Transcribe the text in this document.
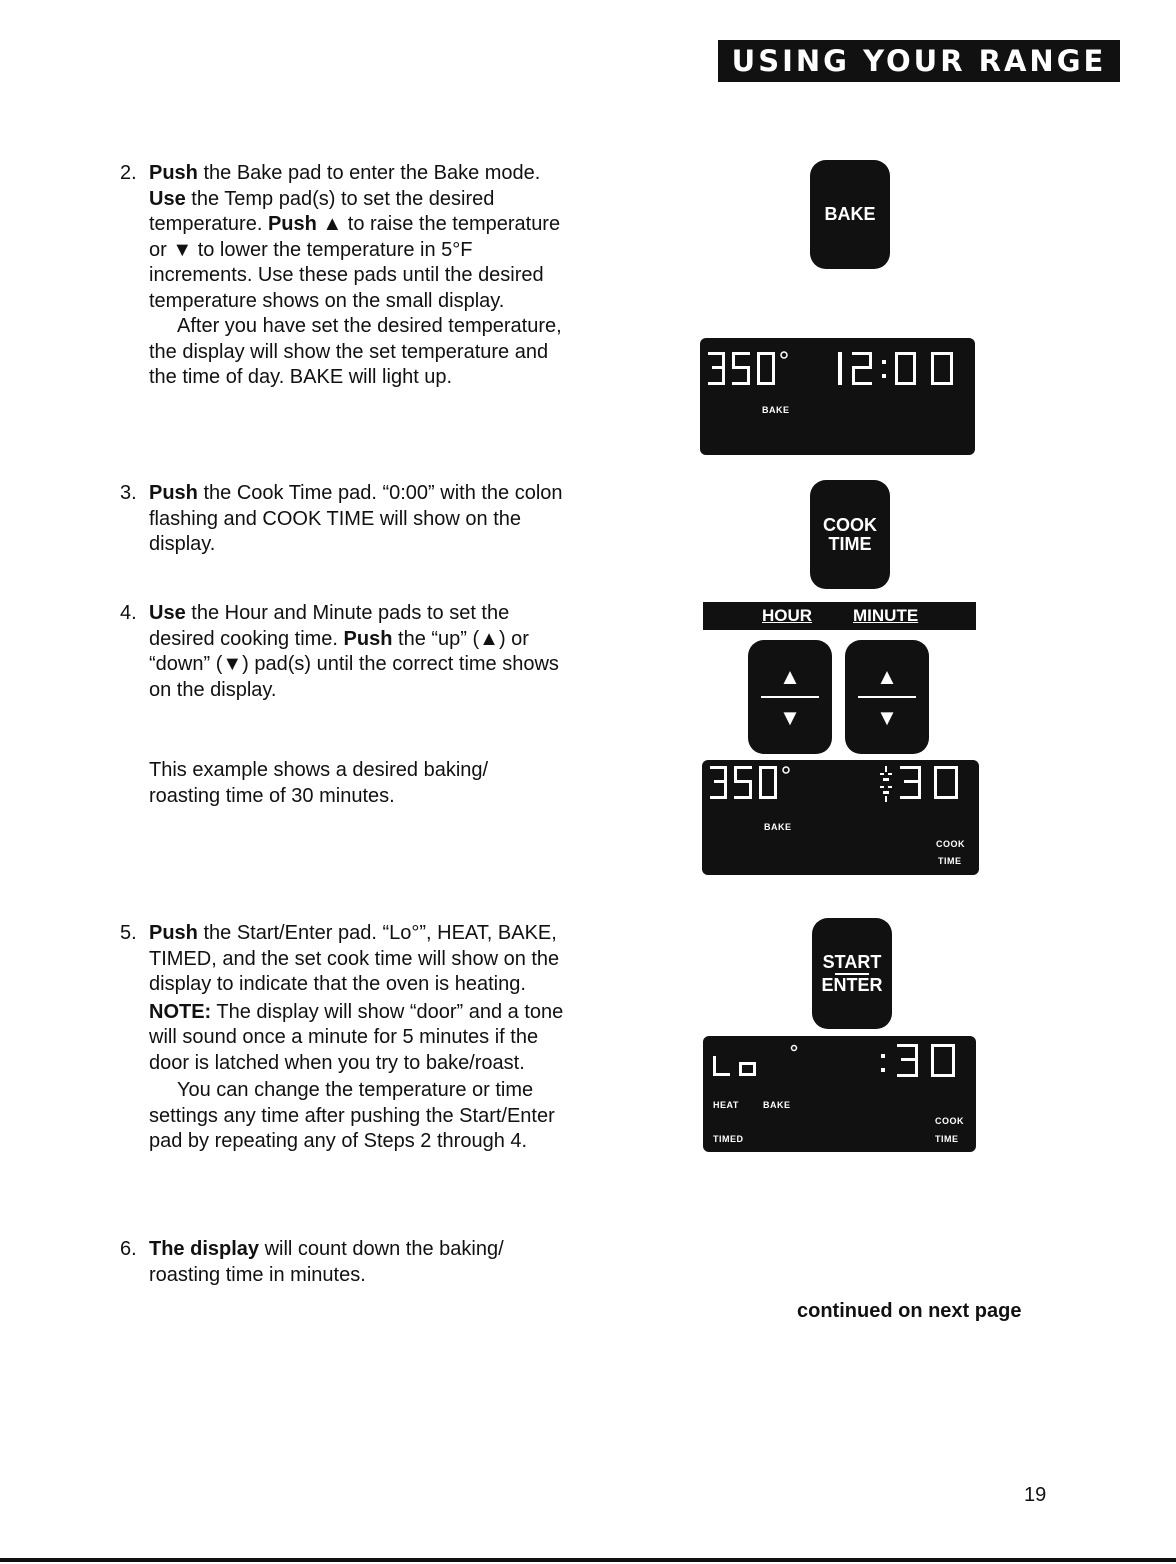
USING YOUR RANGE
2. Push the Bake pad to enter the Bake mode. Use the Temp pad(s) to set the desired temperature. Push ▲ to raise the temperature or ▼ to lower the temperature in 5°F increments. Use these pads until the desired temperature shows on the small display.

After you have set the desired temperature, the display will show the set temperature and the time of day. BAKE will light up.

3. Push the Cook Time pad. “0:00” with the colon flashing and COOK TIME will show on the display.

4. Use the Hour and Minute pads to set the desired cooking time. Push the “up” (▲) or “down” (▼) pad(s) until the correct time shows on the display.

This example shows a desired baking/ roasting time of 30 minutes.

5. Push the Start/Enter pad. “Lo°”, HEAT, BAKE, TIMED, and the set cook time will show on the display to indicate that the oven is heating.

NOTE: The display will show “door” and a tone will sound once a minute for 5 minutes if the door is latched when you try to bake/roast.

You can change the temperature or time settings any time after pushing the Start/Enter pad by repeating any of Steps 2 through 4.

6. The display will count down the baking/ roasting time in minutes.

BAKE
BAKE
COOK
TIME
HOUR MINUTE
▲
▼
▲
▼
BAKE
COOK
TIME
START
ENTER
HEAT	BAKE
TIMED
COOK
TIME
continued on next page
19
